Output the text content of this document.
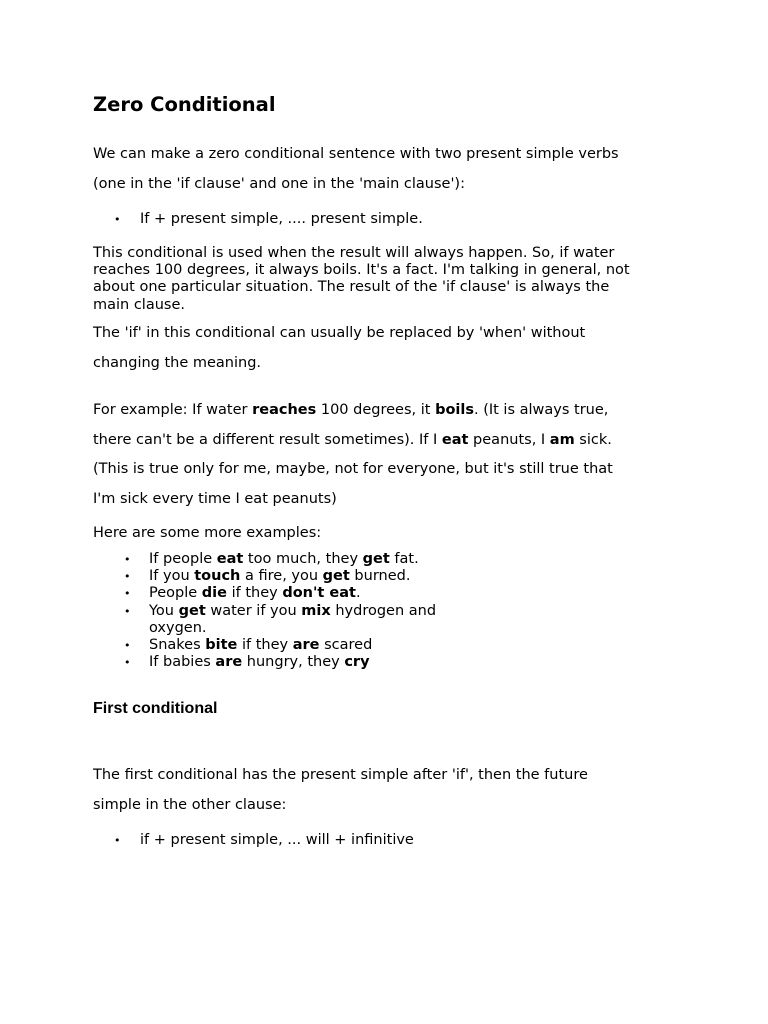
Zero Conditional
We can make a zero conditional sentence with two present simple verbs
(one in the 'if clause' and one in the 'main clause'):
• If + present simple, .... present simple.
This conditional is used when the result will always happen. So, if water
reaches 100 degrees, it always boils. It's a fact. I'm talking in general, not
about one particular situation. The result of the 'if clause' is always the
main clause.
The 'if' in this conditional can usually be replaced by 'when' without
changing the meaning.
For example: If water reaches 100 degrees, it boils. (It is always true,
there can't be a different result sometimes). If I eat peanuts, I am sick.
(This is true only for me, maybe, not for everyone, but it's still true that
I'm sick every time I eat peanuts)
Here are some more examples:
• If people eat too much, they get fat.
• If you touch a fire, you get burned.
• People die if they don't eat.
• You get water if you mix hydrogen and oxygen.
• Snakes bite if they are scared
• If babies are hungry, they cry
First conditional
The first conditional has the present simple after 'if', then the future
simple in the other clause:
• if + present simple, ... will + infinitive
